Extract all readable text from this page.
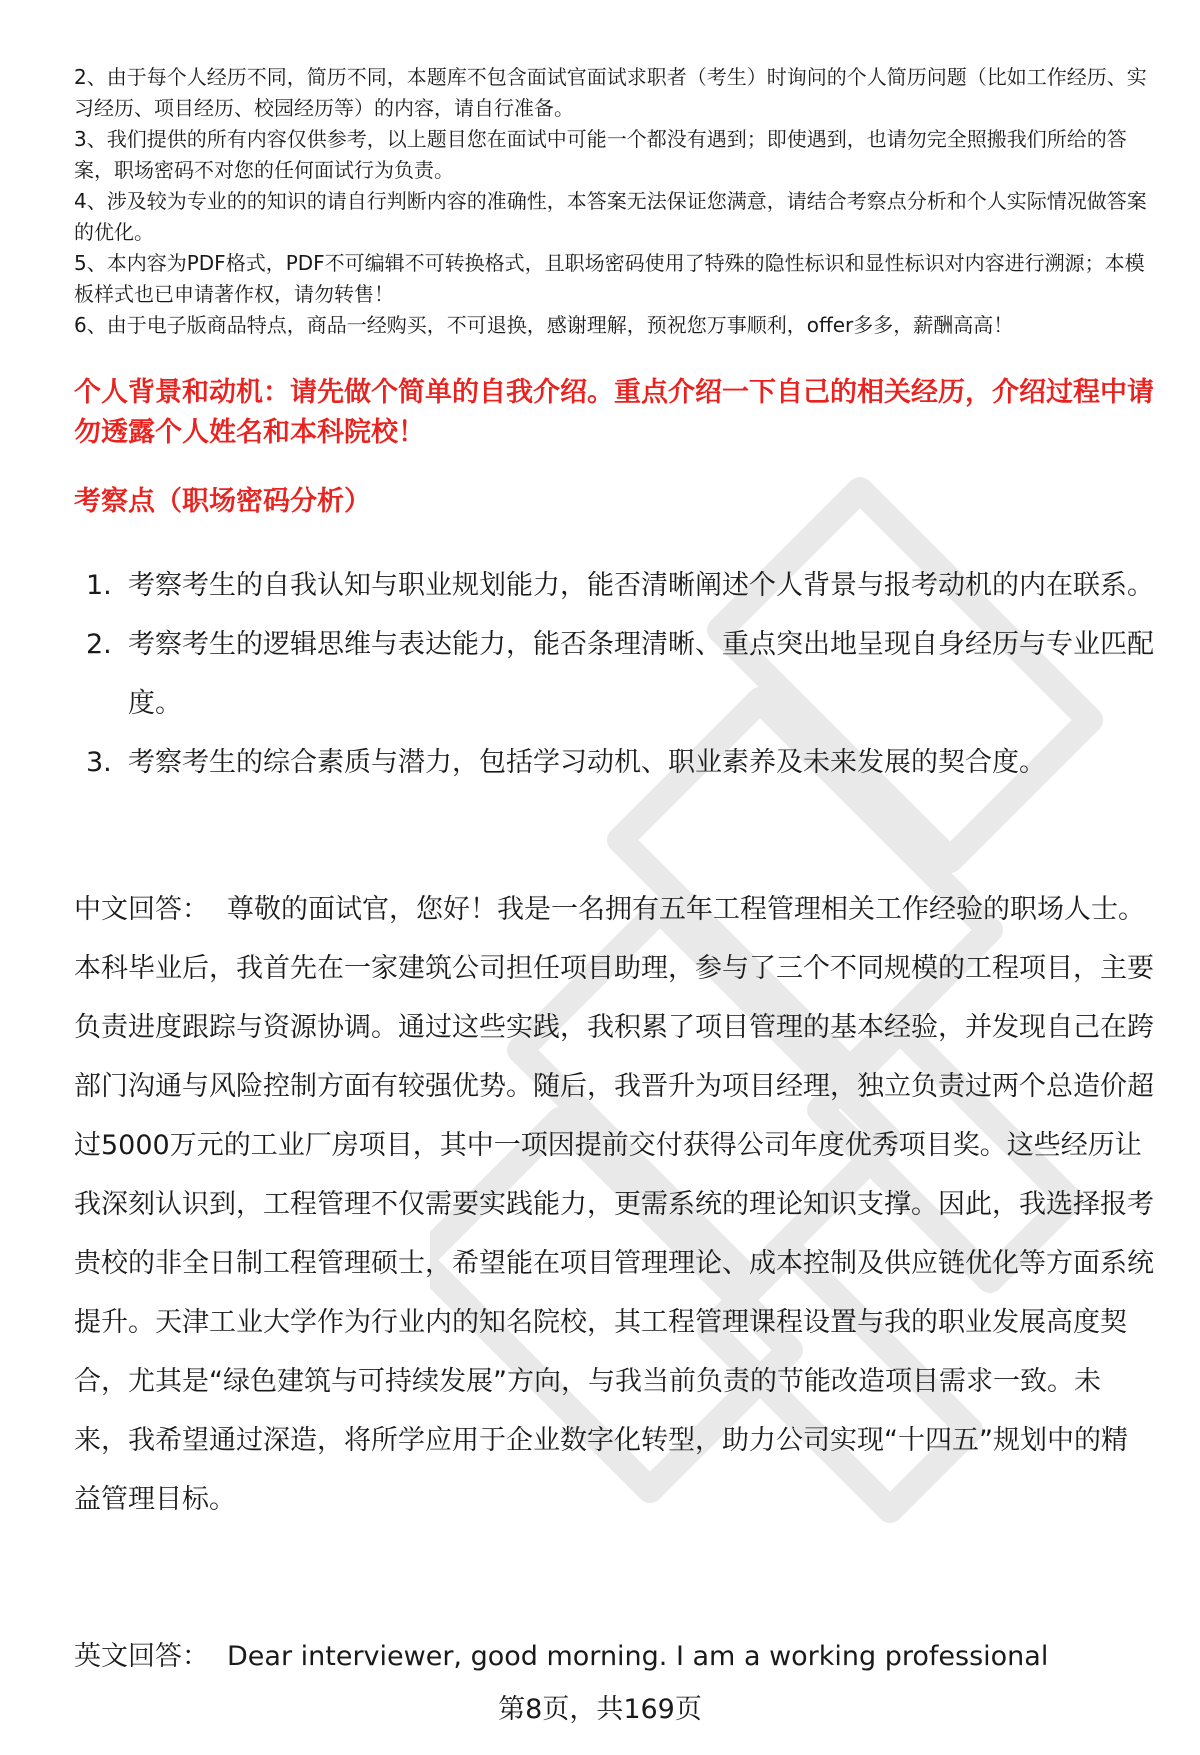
2、由于每个人经历不同，简历不同，本题库不包含面试官面试求职者（考生）时询问的个人简历问题（比如工作经历、实习经历、项目经历、校园经历等）的内容，请自行准备。

3、我们提供的所有内容仅供参考，以上题目您在面试中可能一个都没有遇到；即使遇到，也请勿完全照搬我们所给的答案，职场密码不对您的任何面试行为负责。

4、涉及较为专业的的知识的请自行判断内容的准确性，本答案无法保证您满意，请结合考察点分析和个人实际情况做答案的优化。

5、本内容为PDF格式，PDF不可编辑不可转换格式，且职场密码使用了特殊的隐性标识和显性标识对内容进行溯源；本模板样式也已申请著作权，请勿转售！

6、由于电子版商品特点，商品一经购买，不可退换，感谢理解，预祝您万事顺利，offer多多，薪酬高高！

个人背景和动机：请先做个简单的自我介绍。重点介绍一下自己的相关经历，介绍过程中请勿透露个人姓名和本科院校！
考察点（职场密码分析）
1. 考察考生的自我认知与职业规划能力，能否清晰阐述个人背景与报考动机的内在联系。
2. 考察考生的逻辑思维与表达能力，能否条理清晰、重点突出地呈现自身经历与专业匹配度。
3. 考察考生的综合素质与潜力，包括学习动机、职业素养及未来发展的契合度。

中文回答： 尊敬的面试官，您好！我是一名拥有五年工程管理相关工作经验的职场人士。本科毕业后，我首先在一家建筑公司担任项目助理，参与了三个不同规模的工程项目，主要负责进度跟踪与资源协调。通过这些实践，我积累了项目管理的基本经验，并发现自己在跨部门沟通与风险控制方面有较强优势。随后，我晋升为项目经理，独立负责过两个总造价超过5000万元的工业厂房项目，其中一项因提前交付获得公司年度优秀项目奖。这些经历让我深刻认识到，工程管理不仅需要实践能力，更需系统的理论知识支撑。因此，我选择报考贵校的非全日制工程管理硕士，希望能在项目管理理论、成本控制及供应链优化等方面系统提升。天津工业大学作为行业内的知名院校，其工程管理课程设置与我的职业发展高度契合，尤其是“绿色建筑与可持续发展”方向，与我当前负责的节能改造项目需求一致。未来，我希望通过深造，将所学应用于企业数字化转型，助力公司实现“十四五”规划中的精益管理目标。

英文回答： Dear interviewer, good morning. I am a working professional

第8页，共169页
